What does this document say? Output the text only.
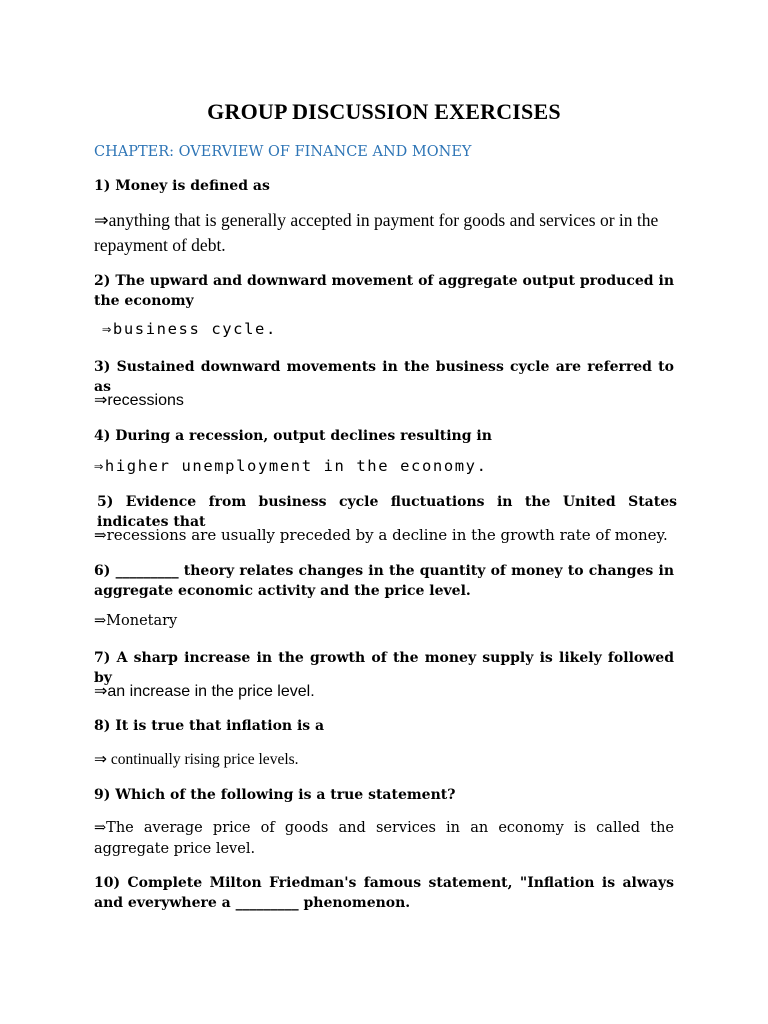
GROUP DISCUSSION EXERCISES
CHAPTER: OVERVIEW OF FINANCE AND MONEY
1) Money is defined as
⇒anything that is generally accepted in payment for goods and services or in the repayment of debt.
2) The upward and downward movement of aggregate output produced in the economy
⇒business cycle.
3) Sustained downward movements in the business cycle are referred to as
⇒recessions
4) During a recession, output declines resulting in
⇒higher unemployment in the economy.
5) Evidence from business cycle fluctuations in the United States indicates that
⇒recessions are usually preceded by a decline in the growth rate of money.
6) _________ theory relates changes in the quantity of money to changes in aggregate economic activity and the price level.
⇒Monetary
7) A sharp increase in the growth of the money supply is likely followed by
⇒an increase in the price level.
8) It is true that inflation is a
⇒ continually rising price levels.
9) Which of the following is a true statement?
⇒The average price of goods and services in an economy is called the aggregate price level.
10) Complete Milton Friedman's famous statement, "Inflation is always and everywhere a _________ phenomenon.
